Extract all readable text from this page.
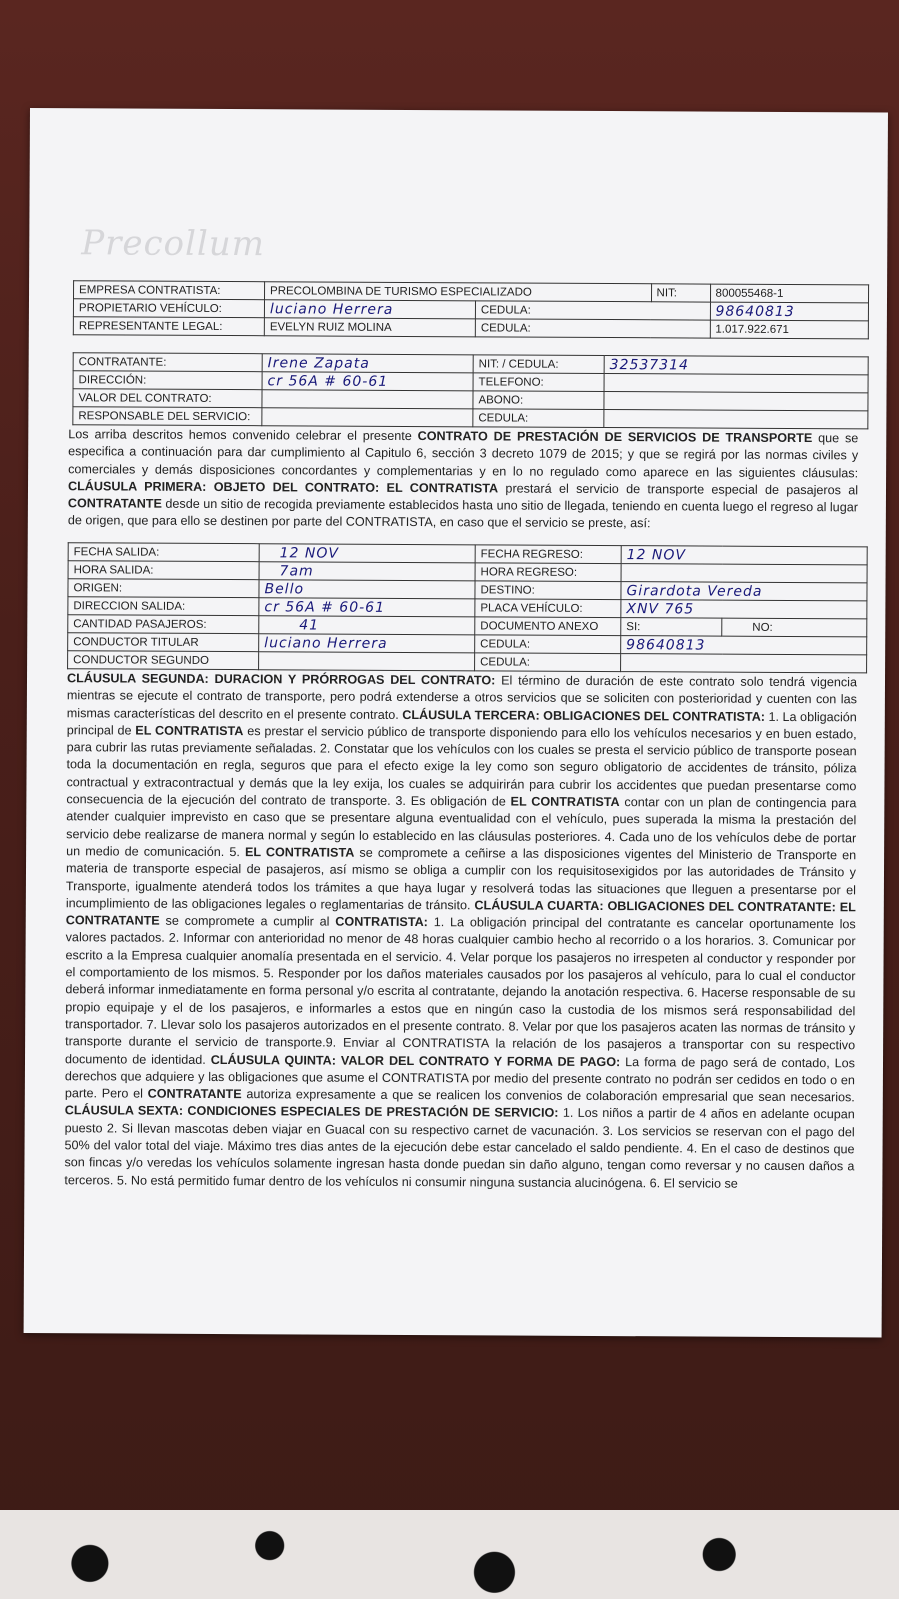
Precollum
EMPRESA CONTRATISTA:	PRECOLOMBINA DE TURISMO ESPECIALIZADO		NIT:	800055468-1
PROPIETARIO VEHÍCULO:	luciano Herrera	CEDULA:		98640813
REPRESENTANTE LEGAL:	EVELYN RUIZ MOLINA	CEDULA:		1.017.922.671
CONTRATANTE:	Irene Zapata	NIT: / CEDULA:	32537314
DIRECCIÓN:	cr 56A # 60-61	TELEFONO:	
VALOR DEL CONTRATO:		ABONO:	
RESPONSABLE DEL SERVICIO:		CEDULA:	
Los arriba descritos hemos convenido celebrar el presente CONTRATO DE PRESTACIÓN DE SERVICIOS DE TRANSPORTE que se especifica a continuación para dar cumplimiento al Capitulo 6, sección 3 decreto 1079 de 2015; y que se regirá por las normas civiles y comerciales y demás disposiciones concordantes y complementarias y en lo no regulado como aparece en las siguientes cláusulas: CLÁUSULA PRIMERA: OBJETO DEL CONTRATO: EL CONTRATISTA prestará el servicio de transporte especial de pasajeros al CONTRATANTE desde un sitio de recogida previamente establecidos hasta uno sitio de llegada, teniendo en cuenta luego el regreso al lugar de origen, que para ello se destinen por parte del CONTRATISTA, en caso que el servicio se preste, así:
FECHA SALIDA:	12 NOV	FECHA REGRESO:	12 NOV	
HORA SALIDA:	7am	HORA REGRESO:		
ORIGEN:	Bello	DESTINO:	Girardota Vereda	
DIRECCION SALIDA:	cr 56A # 60-61	PLACA VEHÍCULO:	XNV 765	
CANTIDAD PASAJEROS:	41	DOCUMENTO ANEXO	SI:	NO:
CONDUCTOR TITULAR	luciano Herrera	CEDULA:	98640813	
CONDUCTOR SEGUNDO		CEDULA:		
CLÁUSULA SEGUNDA: DURACION Y PRÓRROGAS DEL CONTRATO: El término de duración de este contrato solo tendrá vigencia mientras se ejecute el contrato de transporte, pero podrá extenderse a otros servicios que se soliciten con posterioridad y cuenten con las mismas características del descrito en el presente contrato. CLÁUSULA TERCERA: OBLIGACIONES DEL CONTRATISTA: 1. La obligación principal de EL CONTRATISTA es prestar el servicio público de transporte disponiendo para ello los vehículos necesarios y en buen estado, para cubrir las rutas previamente señaladas. 2. Constatar que los vehículos con los cuales se presta el servicio público de transporte posean toda la documentación en regla, seguros que para el efecto exige la ley como son seguro obligatorio de accidentes de tránsito, póliza contractual y extracontractual y demás que la ley exija, los cuales se adquirirán para cubrir los accidentes que puedan presentarse como consecuencia de la ejecución del contrato de transporte. 3. Es obligación de EL CONTRATISTA contar con un plan de contingencia para atender cualquier imprevisto en caso que se presentare alguna eventualidad con el vehículo, pues superada la misma la prestación del servicio debe realizarse de manera normal y según lo establecido en las cláusulas posteriores. 4. Cada uno de los vehículos debe de portar un medio de comunicación. 5. EL CONTRATISTA se compromete a ceñirse a las disposiciones vigentes del Ministerio de Transporte en materia de transporte especial de pasajeros, así mismo se obliga a cumplir con los requisitosexigidos por las autoridades de Tránsito y Transporte, igualmente atenderá todos los trámites a que haya lugar y resolverá todas las situaciones que lleguen a presentarse por el incumplimiento de las obligaciones legales o reglamentarias de tránsito. CLÁUSULA CUARTA: OBLIGACIONES DEL CONTRATANTE: EL CONTRATANTE se compromete a cumplir al CONTRATISTA: 1. La obligación principal del contratante es cancelar oportunamente los valores pactados. 2. Informar con anterioridad no menor de 48 horas cualquier cambio hecho al recorrido o a los horarios. 3. Comunicar por escrito a la Empresa cualquier anomalía presentada en el servicio. 4. Velar porque los pasajeros no irrespeten al conductor y responder por el comportamiento de los mismos. 5. Responder por los daños materiales causados por los pasajeros al vehículo, para lo cual el conductor deberá informar inmediatamente en forma personal y/o escrita al contratante, dejando la anotación respectiva. 6. Hacerse responsable de su propio equipaje y el de los pasajeros, e informarles a estos que en ningún caso la custodia de los mismos será responsabilidad del transportador. 7. Llevar solo los pasajeros autorizados en el presente contrato. 8. Velar por que los pasajeros acaten las normas de tránsito y transporte durante el servicio de transporte.9. Enviar al CONTRATISTA la relación de los pasajeros a transportar con su respectivo documento de identidad. CLÁUSULA QUINTA: VALOR DEL CONTRATO Y FORMA DE PAGO: La forma de pago será de contado, Los derechos que adquiere y las obligaciones que asume el CONTRATISTA por medio del presente contrato no podrán ser cedidos en todo o en parte. Pero el CONTRATANTE autoriza expresamente a que se realicen los convenios de colaboración empresarial que sean necesarios. CLÁUSULA SEXTA: CONDICIONES ESPECIALES DE PRESTACIÓN DE SERVICIO: 1. Los niños a partir de 4 años en adelante ocupan puesto 2. Si llevan mascotas deben viajar en Guacal con su respectivo carnet de vacunación. 3. Los servicios se reservan con el pago del 50% del valor total del viaje. Máximo tres dias antes de la ejecución debe estar cancelado el saldo pendiente. 4. En el caso de destinos que son fincas y/o veredas los vehículos solamente ingresan hasta donde puedan sin daño alguno, tengan como reversar y no causen daños a terceros. 5. No está permitido fumar dentro de los vehículos ni consumir ninguna sustancia alucinógena. 6. El servicio se
